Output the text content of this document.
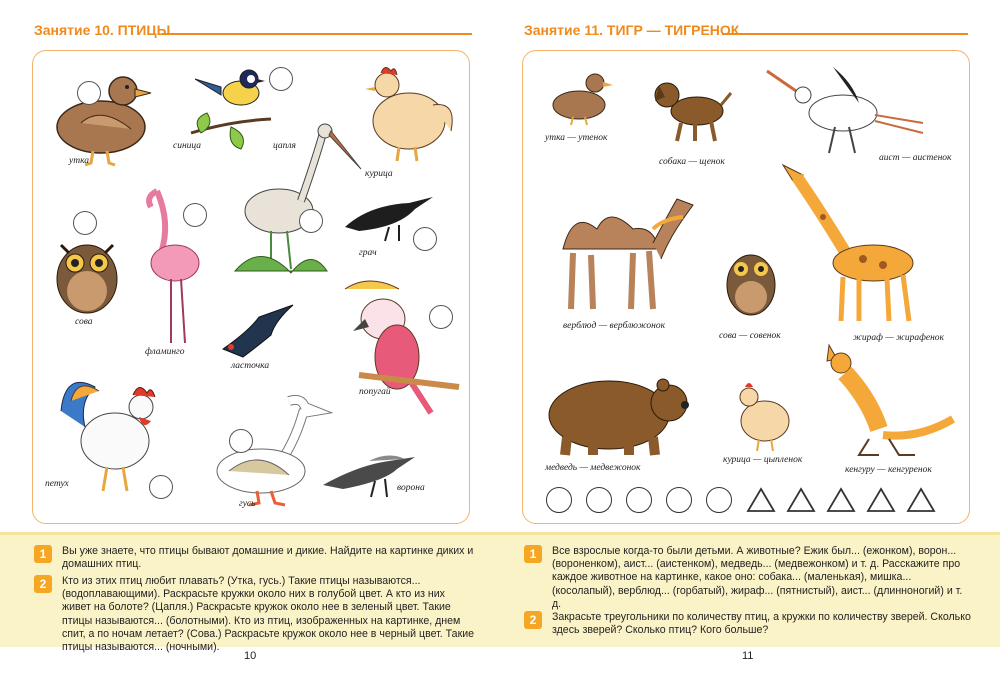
Занятие 10. ПТИЦЫ
утка
синица	цапля
курица
сова
грач
фламинго
ласточка
попугай
петух
гусь
ворона
1	Вы уже знаете, что птицы бывают домашние и дикие. Найдите на картинке диких и домашних птиц.
2	Кто из этих птиц любит плавать? (Утка, гусь.) Такие птицы называются... (водоплавающими). Раскрасьте кружки около них в голубой цвет. А кто из них живет на болоте? (Цапля.) Раскрасьте кружок около нее в зеленый цвет. Такие птицы называются... (болотными). Кто из птиц, изображенных на картинке, днем спит, а по ночам летает? (Сова.) Раскрасьте кружок около нее в черный цвет. Такие птицы называются... (ночными).
10
Занятие 11. ТИГР — ТИГРЕНОК
утка — утенок
собака — щенок	аист — аистенок
верблюд — верблюжонок
сова — совенок	жираф — жирафенок
медведь — медвежонок
курица — цыпленок
кенгуру — кенгуренок
1	Все взрослые когда-то были детьми. А животные? Ежик был... (ежонком), ворон... (вороненком), аист... (аистенком), медведь... (медвежонком) и т. д. Расскажите про каждое животное на картинке, какое оно: собака... (маленькая), мишка... (косолапый), верблюд... (горбатый), жираф... (пятнистый), аист... (длинноногий) и т. д.
2	Закрасьте треугольники по количеству птиц, а кружки по количеству зверей. Сколько здесь зверей? Сколько птиц? Кого больше?
11
